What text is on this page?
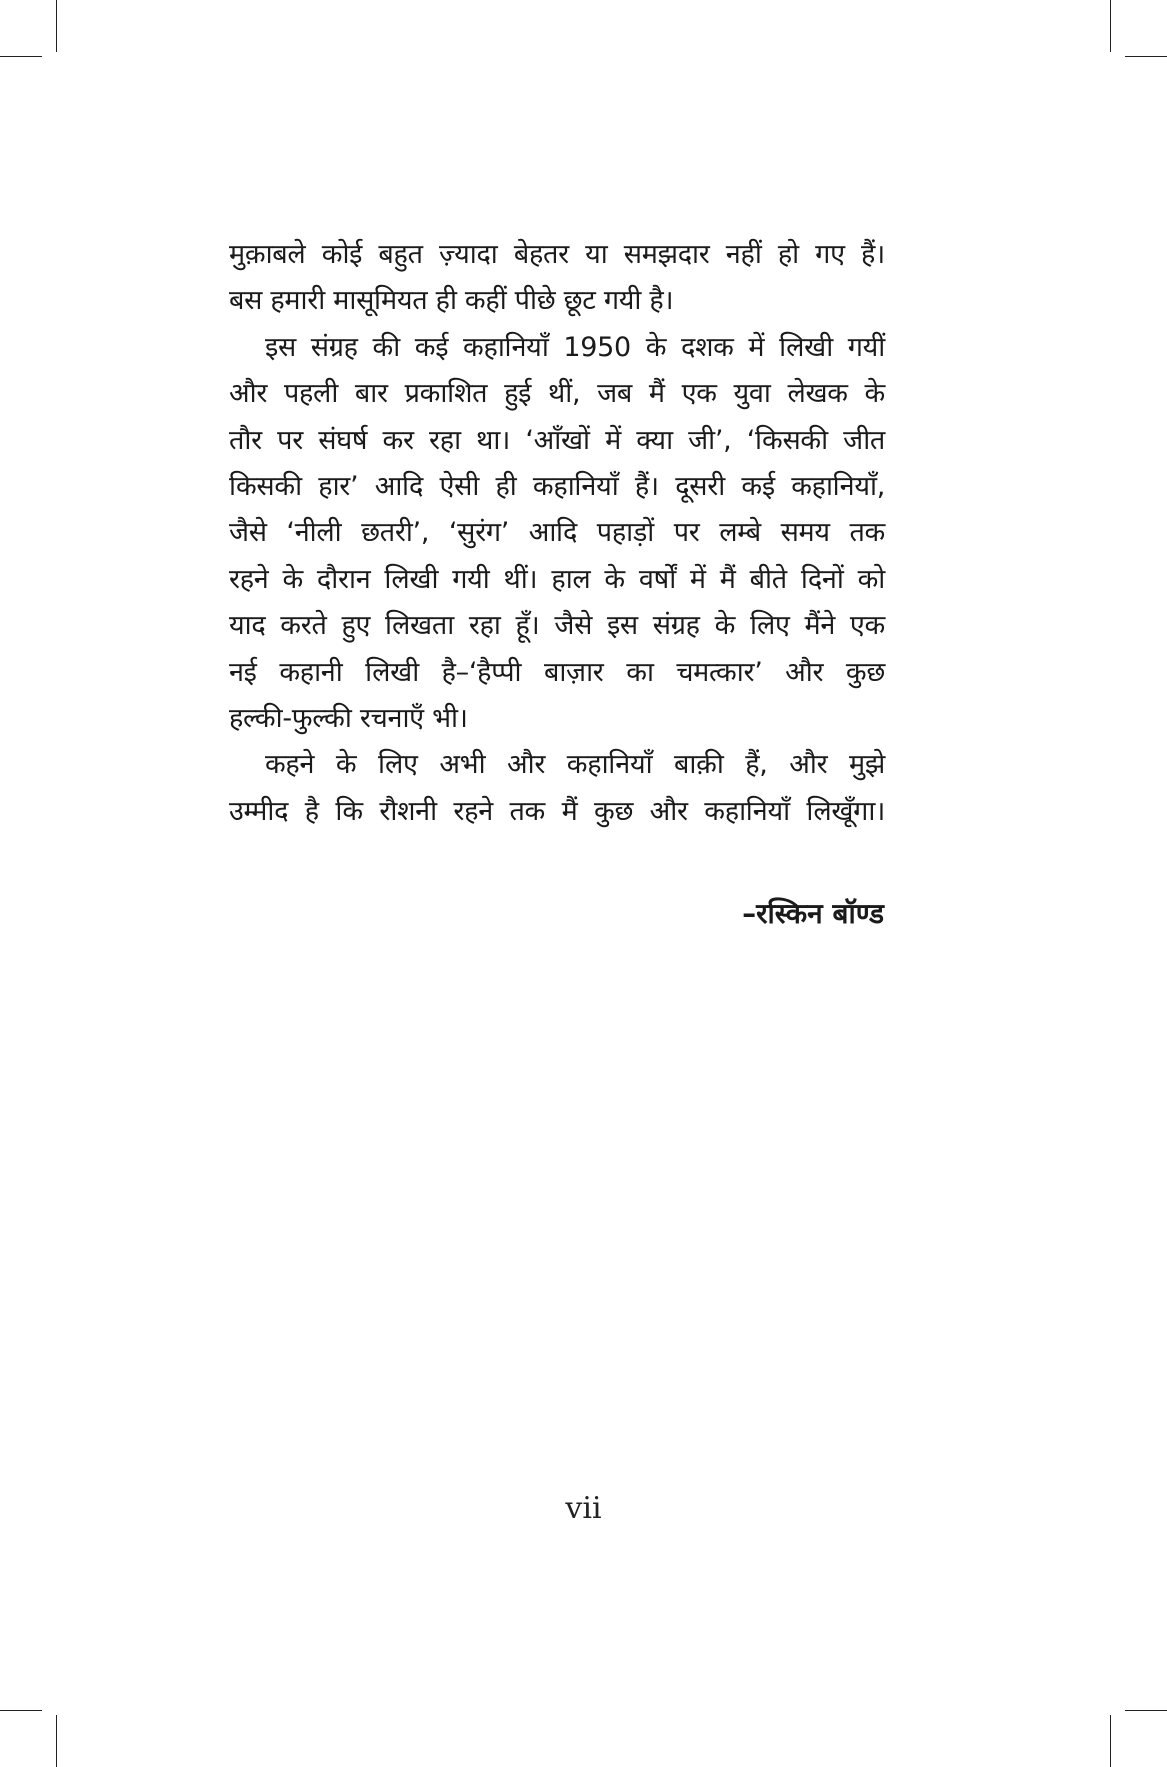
मुक़ाबले कोई बहुत ज़्यादा बेहतर या समझदार नहीं हो गए हैं।
बस हमारी मासूमियत ही कहीं पीछे छूट गयी है।
इस संग्रह की कई कहानियाँ 1950 के दशक में लिखी गयीं
और पहली बार प्रकाशित हुई थीं, जब मैं एक युवा लेखक के
तौर पर संघर्ष कर रहा था। ‘आँखों में क्या जी’, ‘किसकी जीत
किसकी हार’ आदि ऐसी ही कहानियाँ हैं। दूसरी कई कहानियाँ,
जैसे ‘नीली छतरी’, ‘सुरंग’ आदि पहाड़ों पर लम्बे समय तक
रहने के दौरान लिखी गयी थीं। हाल के वर्षों में मैं बीते दिनों को
याद करते हुए लिखता रहा हूँ। जैसे इस संग्रह के लिए मैंने एक
नई कहानी लिखी है–‘हैप्पी बाज़ार का चमत्कार’ और कुछ
हल्की-फुल्की रचनाएँ भी।
कहने के लिए अभी और कहानियाँ बाक़ी हैं, और मुझे
उम्मीद है कि रौशनी रहने तक मैं कुछ और कहानियाँ लिखूँगा।
–रस्किन बॉण्ड
vii
